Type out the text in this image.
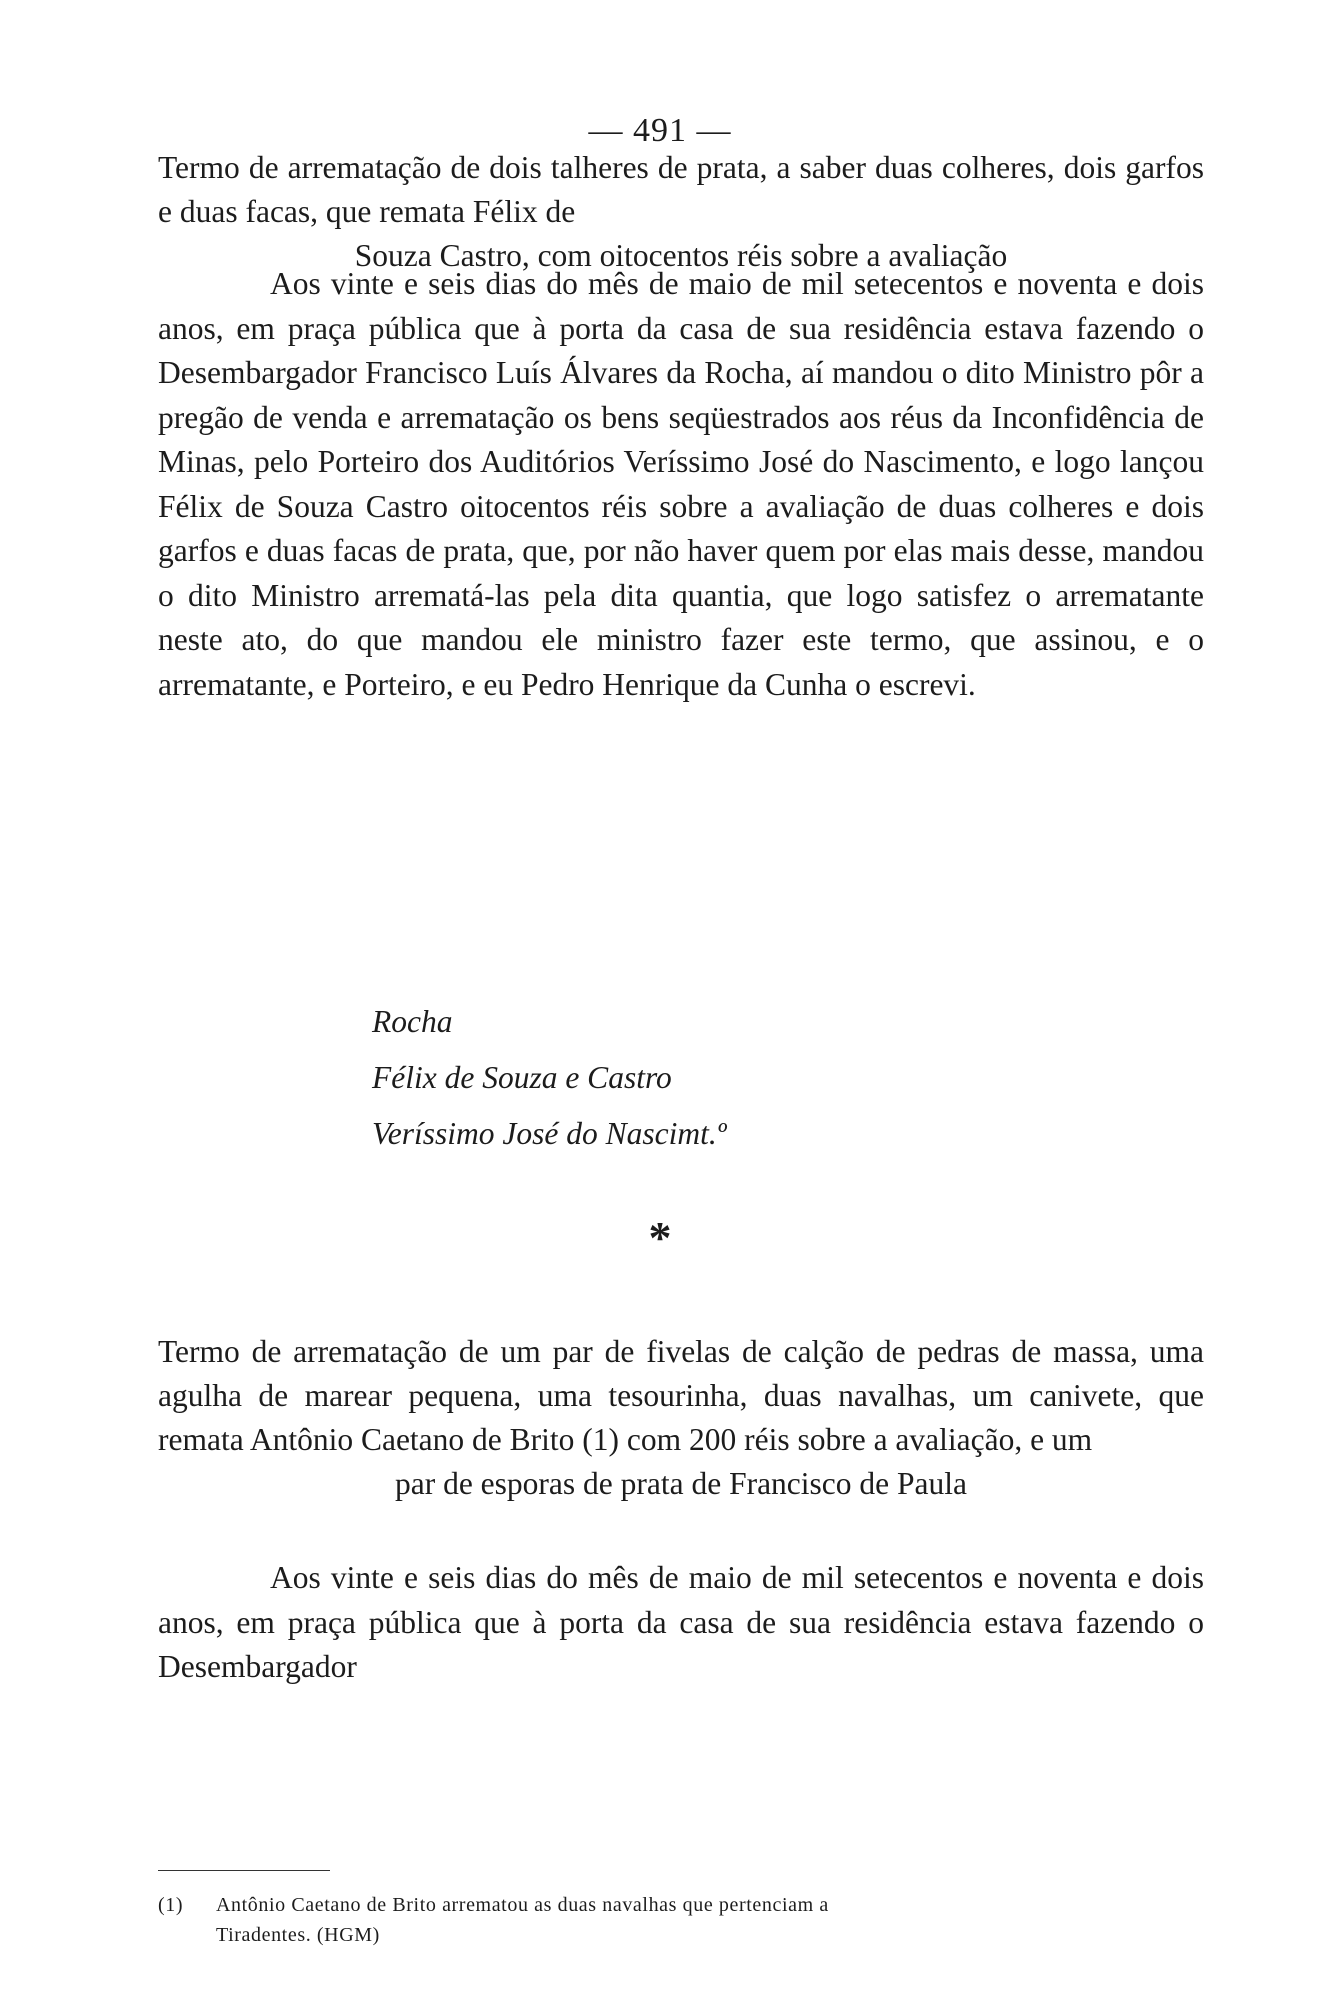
— 491 —
Termo de arrematação de dois talheres de prata, a saber duas colheres, dois garfos e duas facas, que remata Félix de
Souza Castro, com oitocentos réis sobre a avaliação

Aos vinte e seis dias do mês de maio de mil setecentos e noventa e dois anos, em praça pública que à porta da casa de sua residência estava fazendo o Desembargador Francisco Luís Álvares da Rocha, aí mandou o dito Ministro pôr a pregão de venda e arrematação os bens seqüestrados aos réus da Inconfidência de Minas, pelo Porteiro dos Auditórios Veríssimo José do Nascimento, e logo lançou Félix de Souza Castro oitocentos réis sobre a avaliação de duas colheres e dois garfos e duas facas de prata, que, por não haver quem por elas mais desse, mandou o dito Ministro arrematá-las pela dita quantia, que logo satisfez o arrematante neste ato, do que mandou ele ministro fazer este termo, que assinou, e o arrematante, e Porteiro, e eu Pedro Henrique da Cunha o escrevi.

Rocha
Félix de Souza e Castro
Veríssimo José do Nascimt.º
*
Termo de arrematação de um par de fivelas de calção de pedras de massa, uma agulha de marear pequena, uma tesourinha, duas navalhas, um canivete, que remata Antônio Caetano de Brito (1) com 200 réis sobre a avaliação, e um
par de esporas de prata de Francisco de Paula

Aos vinte e seis dias do mês de maio de mil setecentos e noventa e dois anos, em praça pública que à porta da casa de sua residência estava fazendo o Desembargador

(1) Antônio Caetano de Brito arrematou as duas navalhas que pertenciam a
Tiradentes. (HGM)
